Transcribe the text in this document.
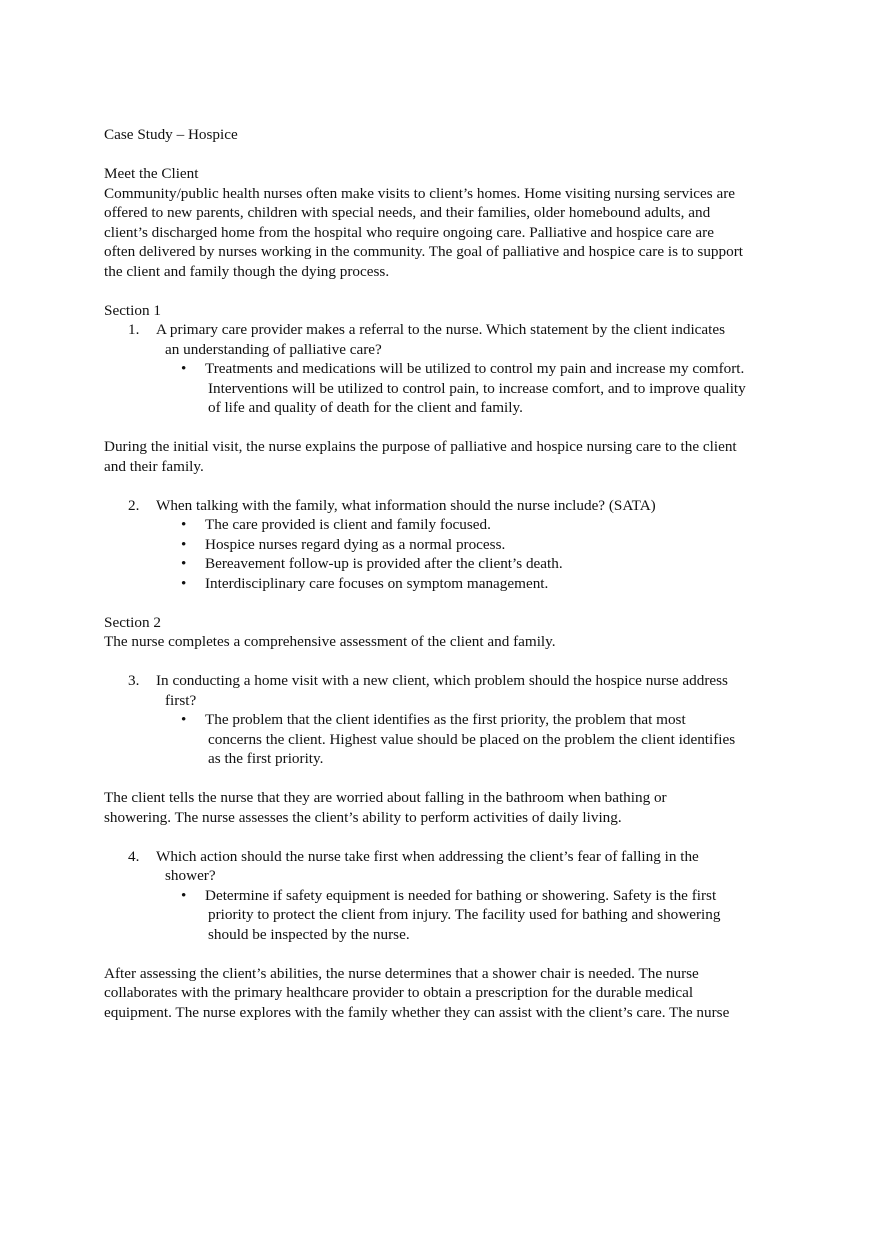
Case Study – Hospice

Meet the Client

Community/public health nurses often make visits to client’s homes. Home visiting nursing services are

offered to new parents, children with special needs, and their families, older homebound adults, and

client’s discharged home from the hospital who require ongoing care. Palliative and hospice care are

often delivered by nurses working in the community. The goal of palliative and hospice care is to support

the client and family though the dying process.

Section 1

1. A primary care provider makes a referral to the nurse. Which statement by the client indicates
an understanding of palliative care?
• Treatments and medications will be utilized to control my pain and increase my comfort.
Interventions will be utilized to control pain, to increase comfort, and to improve quality
of life and quality of death for the client and family.

During the initial visit, the nurse explains the purpose of palliative and hospice nursing care to the client

and their family.

2. When talking with the family, what information should the nurse include? (SATA)
• The care provided is client and family focused.
• Hospice nurses regard dying as a normal process.
• Bereavement follow-up is provided after the client’s death.
• Interdisciplinary care focuses on symptom management.

Section 2

The nurse completes a comprehensive assessment of the client and family.

3. In conducting a home visit with a new client, which problem should the hospice nurse address
first?
• The problem that the client identifies as the first priority, the problem that most
concerns the client. Highest value should be placed on the problem the client identifies
as the first priority.

The client tells the nurse that they are worried about falling in the bathroom when bathing or

showering. The nurse assesses the client’s ability to perform activities of daily living.

4. Which action should the nurse take first when addressing the client’s fear of falling in the
shower?
• Determine if safety equipment is needed for bathing or showering. Safety is the first
priority to protect the client from injury. The facility used for bathing and showering
should be inspected by the nurse.

After assessing the client’s abilities, the nurse determines that a shower chair is needed. The nurse

collaborates with the primary healthcare provider to obtain a prescription for the durable medical

equipment. The nurse explores with the family whether they can assist with the client’s care. The nurse
